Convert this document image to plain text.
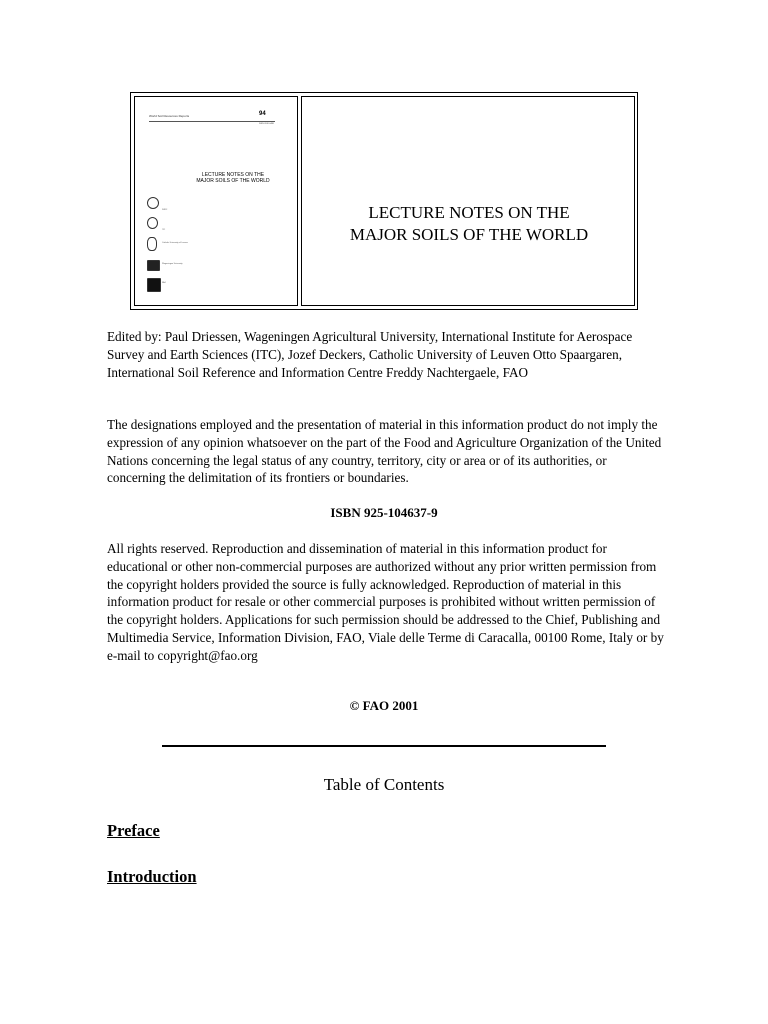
World Soil Resources Reports	94
ISSN 0532-0488
LECTURE NOTES ON THE MAJOR SOILS OF THE WORLD
ISRIC
ITC
Catholic University of Leuven
Wageningen University
FAO
LECTURE NOTES ON THE
MAJOR SOILS OF THE WORLD

Edited by: Paul Driessen, Wageningen Agricultural University, International Institute for Aerospace Survey and Earth Sciences (ITC), Jozef Deckers, Catholic University of Leuven Otto Spaargaren, International Soil Reference and Information Centre Freddy Nachtergaele, FAO

The designations employed and the presentation of material in this information product do not imply the expression of any opinion whatsoever on the part of the Food and Agriculture Organization of the United Nations concerning the legal status of any country, territory, city or area or of its authorities, or concerning the delimitation of its frontiers or boundaries.

ISBN 925-104637-9

All rights reserved. Reproduction and dissemination of material in this information product for educational or other non-commercial purposes are authorized without any prior written permission from the copyright holders provided the source is fully acknowledged. Reproduction of material in this information product for resale or other commercial purposes is prohibited without written permission of the copyright holders. Applications for such permission should be addressed to the Chief, Publishing and Multimedia Service, Information Division, FAO, Viale delle Terme di Caracalla, 00100 Rome, Italy or by e-mail to copyright@fao.org

© FAO 2001
Table of Contents
Preface
Introduction
